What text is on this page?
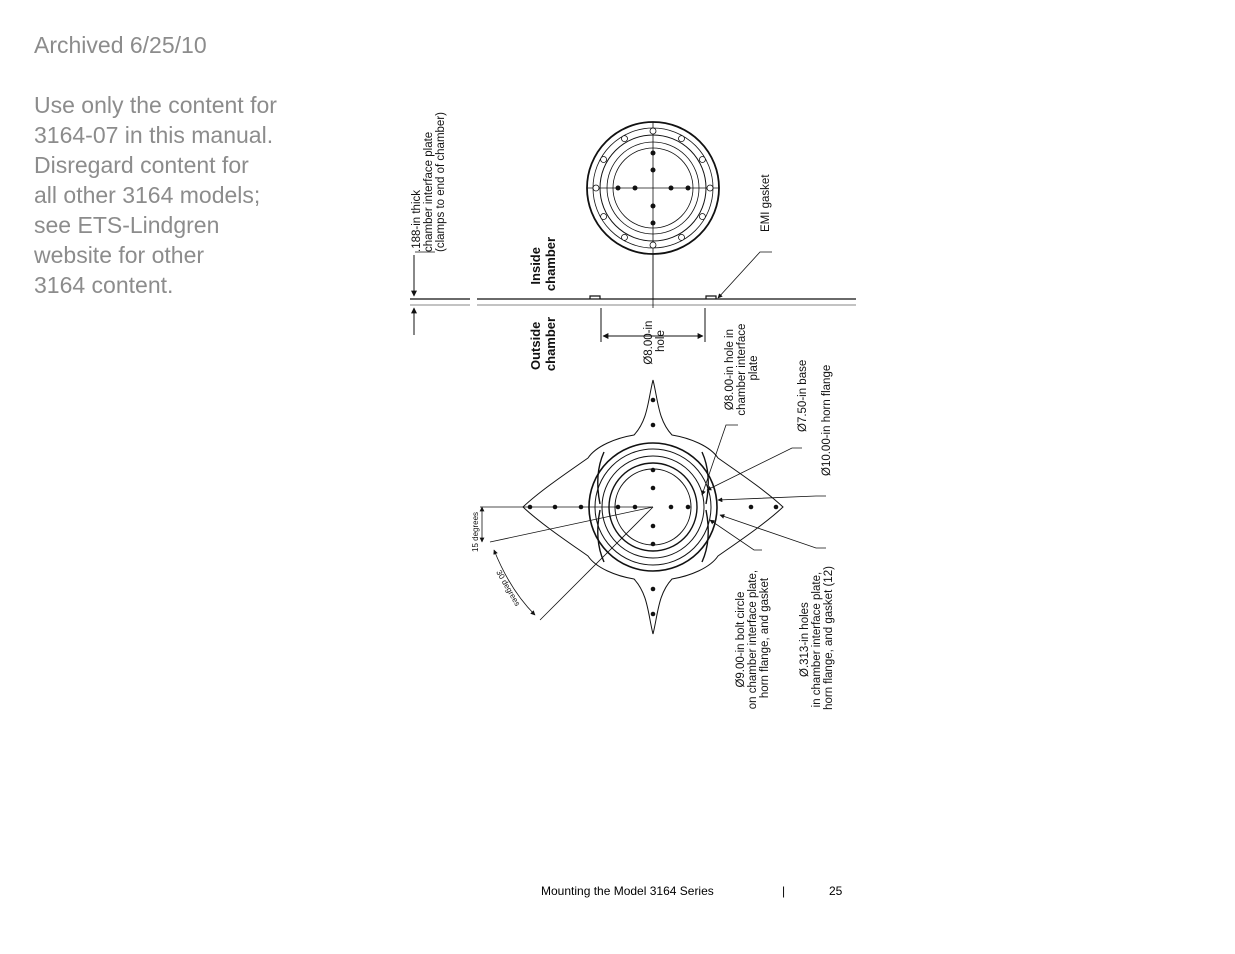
Archived 6/25/10
Use only the content for
3164-07 in this manual.
Disregard content for
all other 3164 models;
see ETS-Lindgren
website for other
3164 content.
.188-in thick chamber interface plate (clamps to end of chamber)	EMI gasket
Inside chamber
Outside chamber	Ø8.00-in hole	Ø8.00-in hole in chamber interface plate	Ø7.50-in base Ø10.00-in horn flange
Ø9.00-in bolt circle on chamber interface plate, horn flange, and gasket Ø.313-in holes in chamber interface plate, horn flange, and gasket (12)
15 degrees
30 degrees
Mounting the Model 3164 Series	|	25
